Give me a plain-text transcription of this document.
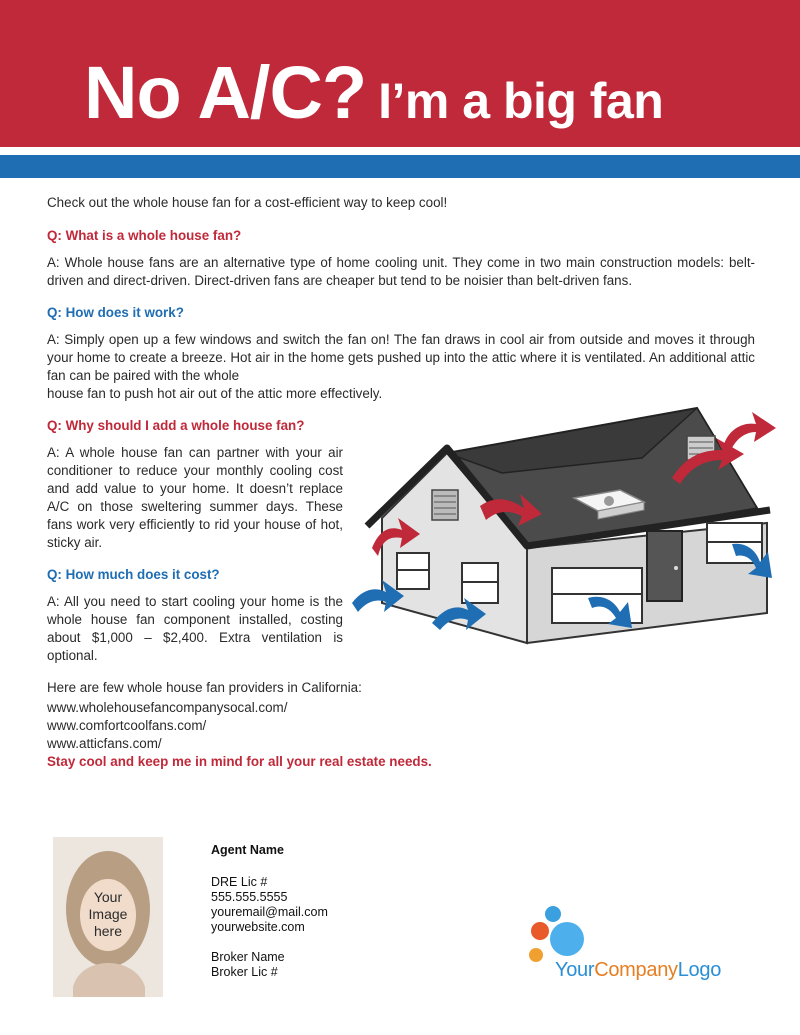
No A/C? I’m a big fan

Check out the whole house fan for a cost-efficient way to keep cool!

Q: What is a whole house fan?

A: Whole house fans are an alternative type of home cooling unit. They come in two main construction models: belt-driven and direct-driven. Direct-driven fans are cheaper but tend to be noisier than belt-driven fans.

Q: How does it work?

A: Simply open up a few windows and switch the fan on! The fan draws in cool air from outside and moves it through your home to create a breeze. Hot air in the home gets pushed up into the attic where it is ventilated. An additional attic fan can be paired with the whole

house fan to push hot air out of the attic more effectively.

Q: Why should I add a whole house fan?

A: A whole house fan can partner with your air conditioner to reduce your monthly cooling cost and add value to your home. It doesn’t replace A/C on those sweltering summer days. These fans work very efficiently to rid your house of hot, sticky air.

Q: How much does it cost?

A: All you need to start cooling your home is the whole house fan component installed, costing about $1,000 – $2,400. Extra ventilation is optional.

Here are few whole house fan providers in California:

www.wholehousefancompanysocal.com/
www.comfortcoolfans.com/
www.atticfans.com/

Stay cool and keep me in mind for all your real estate needs.

Your
Image
here
Agent Name
DRE Lic #
555.555.5555
youremail@mail.com
yourwebsite.com
Broker Name
Broker Lic #	YourCompanyLogo
